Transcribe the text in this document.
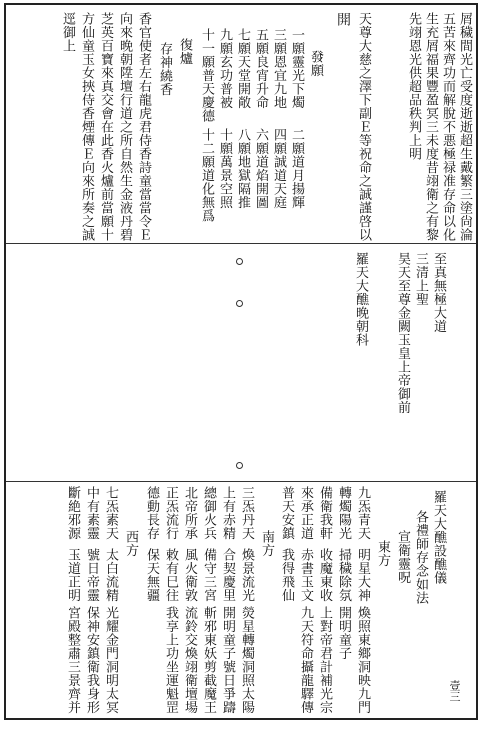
屑穢間光亡受度逝逝超生戴繁三塗尙淪
五苦來齊功而解脫不悪極禄准存命以化
生充屑福果豐盈冥三未度昔翊衛之有黎
先翊恩光供超品秩判上明
天尊大慈之澤下副Ｅ等祝命之誠謹啓以
開
發願
一願靈光下燭
三願恩宜九地
五願良宵升命
七願天堂開敞
九願玄功普被
十一願普天慶德
復爐
存神繞香
香官使者左右龍虎君侍香詩童當當令Ｅ
向來晚朝陞壇行道之所自然生金液丹碧
芝英百寶來真交會在此香火爐前當願十
方仙童玉女挾侍香煙傳Ｅ向來所奏之誠
逕御上
二願道月揚輝
四願誠道天庭
六願道焰開圖
八願地獄隔推
十願萬景空照
十二願道化無爲
至真無極大道
三清上聖
昊天至尊金闕玉皇上帝御前
羅天大醮晚朝科
羅天大醮設醮儀
各禮師存念如法
宣衛靈呪
東方
九炁青天
明星大神
煥照東鄉
洞映九門
轉燭陽光
掃穢除氛
開明童子
備衛我軒
收魔東收
上對帝君
計補光宗
來承正道
赤書玉文
九天符命
攝龍驛傳
普天安鎮
我得飛仙
南方
三炁丹天
煥景流光
熒星轉燭
洞照太陽
上有赤精
合契慶里
開明童子
號日爭躊
總御火兵
備守三宮
斬邪東妖
剪截魔王
北帝所承
風火衛敦
流鈴交煥
翊衛壇場
正炁流行
敕有巳往
我享上功
坐運魁罡
德動長存
保天無疆
西方
七炁素天
太白流精
光耀金門
洞明太冥
中有素靈
號日帝靈
保神安鎮
衛我身形
斷絶邪源
玉道正明
宮殿整肅
三景齊并	壹三
